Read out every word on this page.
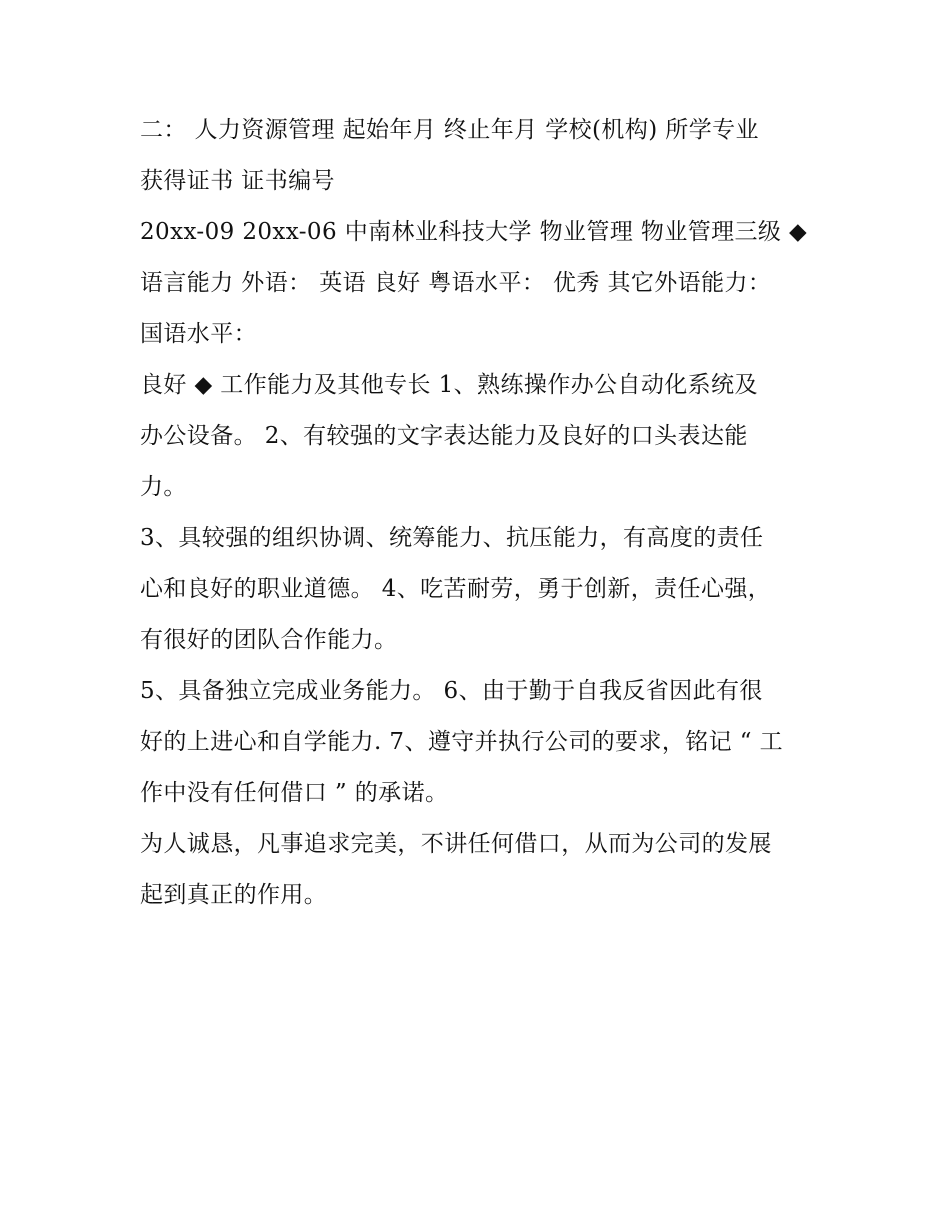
二： 人力资源管理 起始年月 终止年月 学校(机构) 所学专业
获得证书 证书编号
20xx-09 20xx-06 中南林业科技大学 物业管理 物业管理三级 ◆
语言能力 外语： 英语 良好 粤语水平： 优秀 其它外语能力：
国语水平：
良好 ◆ 工作能力及其他专长 1、熟练操作办公自动化系统及
办公设备。 2、有较强的文字表达能力及良好的口头表达能
力。
3、具较强的组织协调、统筹能力、抗压能力，有高度的责任
心和良好的职业道德。 4、吃苦耐劳，勇于创新，责任心强，
有很好的团队合作能力。
5、具备独立完成业务能力。 6、由于勤于自我反省因此有很
好的上进心和自学能力. 7、遵守并执行公司的要求，铭记 “ 工
作中没有任何借口 ” 的承诺。
为人诚恳，凡事追求完美，不讲任何借口，从而为公司的发展
起到真正的作用。
